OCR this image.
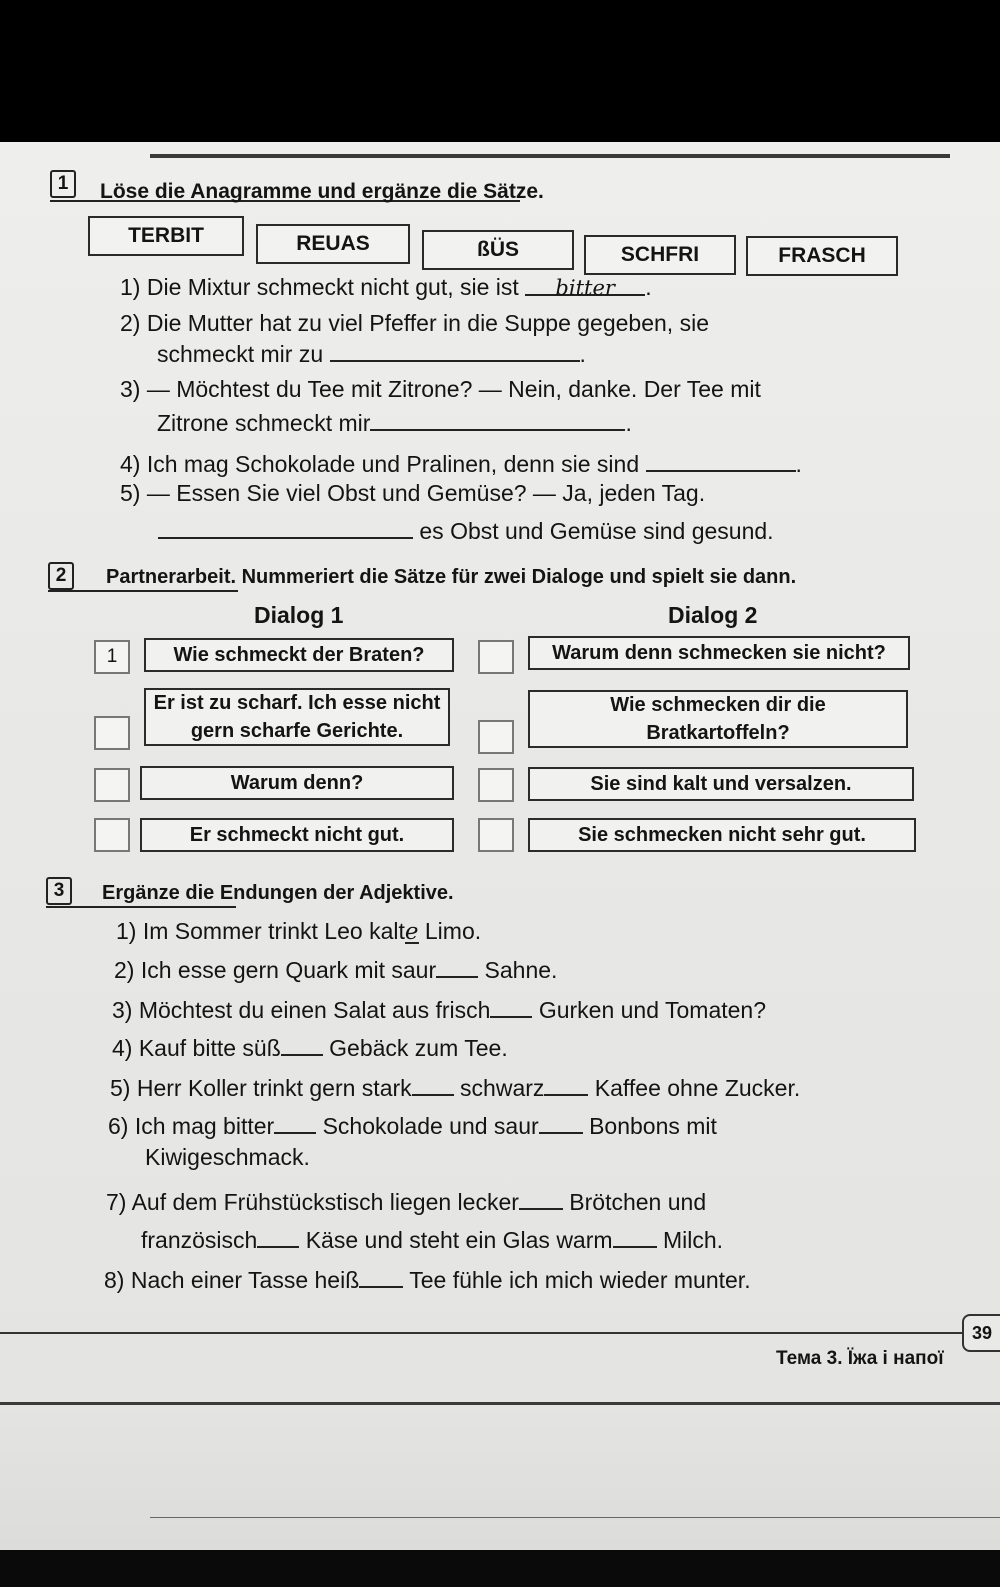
1	Löse die Anagramme und ergänze die Sätze.
TERBIT	REUAS	ßÜS	SCHFRI	FRASCH
1) Die Mixtur schmeckt nicht gut, sie ist bitter .
2) Die Mutter hat zu viel Pfeffer in die Suppe gegeben, sie
schmeckt mir zu	.
3) — Möchtest du Tee mit Zitrone? — Nein, danke. Der Tee mit
Zitrone schmeckt mir	.
4) Ich mag Schokolade und Pralinen, denn sie sind	.
5) — Essen Sie viel Obst und Gemüse? — Ja, jeden Tag.
es Obst und Gemüse sind gesund.
2	Partnerarbeit. Nummeriert die Sätze für zwei Dialoge und spielt sie dann.
Dialog 1	Dialog 2
1	Wie schmeckt der Braten?
Er ist zu scharf. Ich esse nicht gern scharfe Gerichte.
Warum denn?
Er schmeckt nicht gut.
Warum denn schmecken sie nicht?
Wie schmecken dir die Bratkartoffeln?
Sie sind kalt und versalzen.
Sie schmecken nicht sehr gut.
3	Ergänze die Endungen der Adjektive.
1) Im Sommer trinkt Leo kalte Limo.
2) Ich esse gern Quark mit saur Sahne.
3) Möchtest du einen Salat aus frisch Gurken und Tomaten?
4) Kauf bitte süß Gebäck zum Tee.
5) Herr Koller trinkt gern stark schwarz Kaffee ohne Zucker.
6) Ich mag bitter Schokolade und saur Bonbons mit
Kiwigeschmack.
7) Auf dem Frühstückstisch liegen lecker Brötchen und
französisch Käse und steht ein Glas warm Milch.
8) Nach einer Tasse heiß Tee fühle ich mich wieder munter.
39
Тема 3. Їжа і напої
